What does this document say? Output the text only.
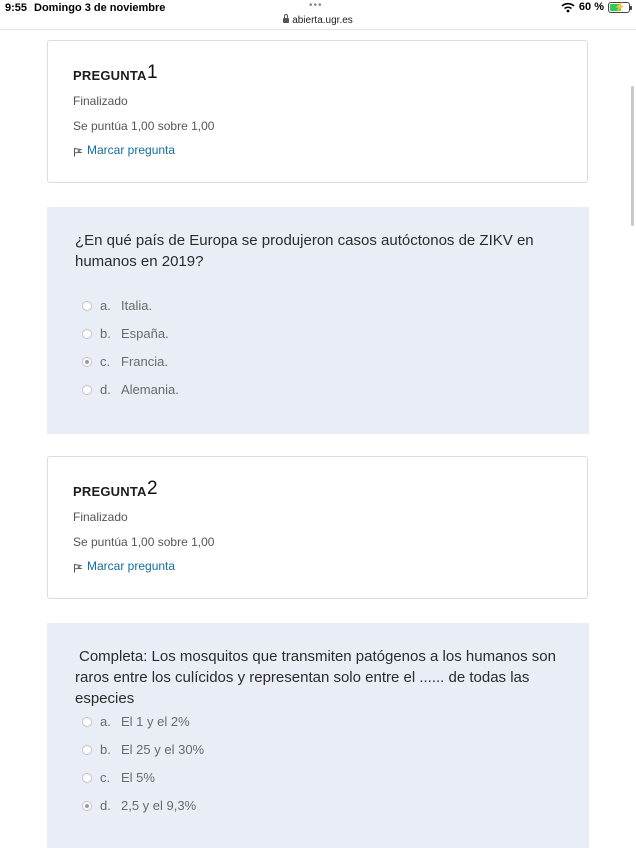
9:55 Domingo 3 de noviembre	•••
abierta.ugr.es
60 % ⚡
PREGUNTA 1
Finalizado
Se puntúa 1,00 sobre 1,00
Marcar pregunta
¿En qué país de Europa se produjeron casos autóctonos de ZIKV en humanos en 2019?
a. Italia.
b. España.
c. Francia.
d. Alemania.
PREGUNTA 2
Finalizado
Se puntúa 1,00 sobre 1,00
Marcar pregunta
Completa: Los mosquitos que transmiten patógenos a los humanos son raros entre los culícidos y representan solo entre el ...... de todas las especies
a. El 1 y el 2%
b. El 25 y el 30%
c. El 5%
d. 2,5 y el 9,3%
